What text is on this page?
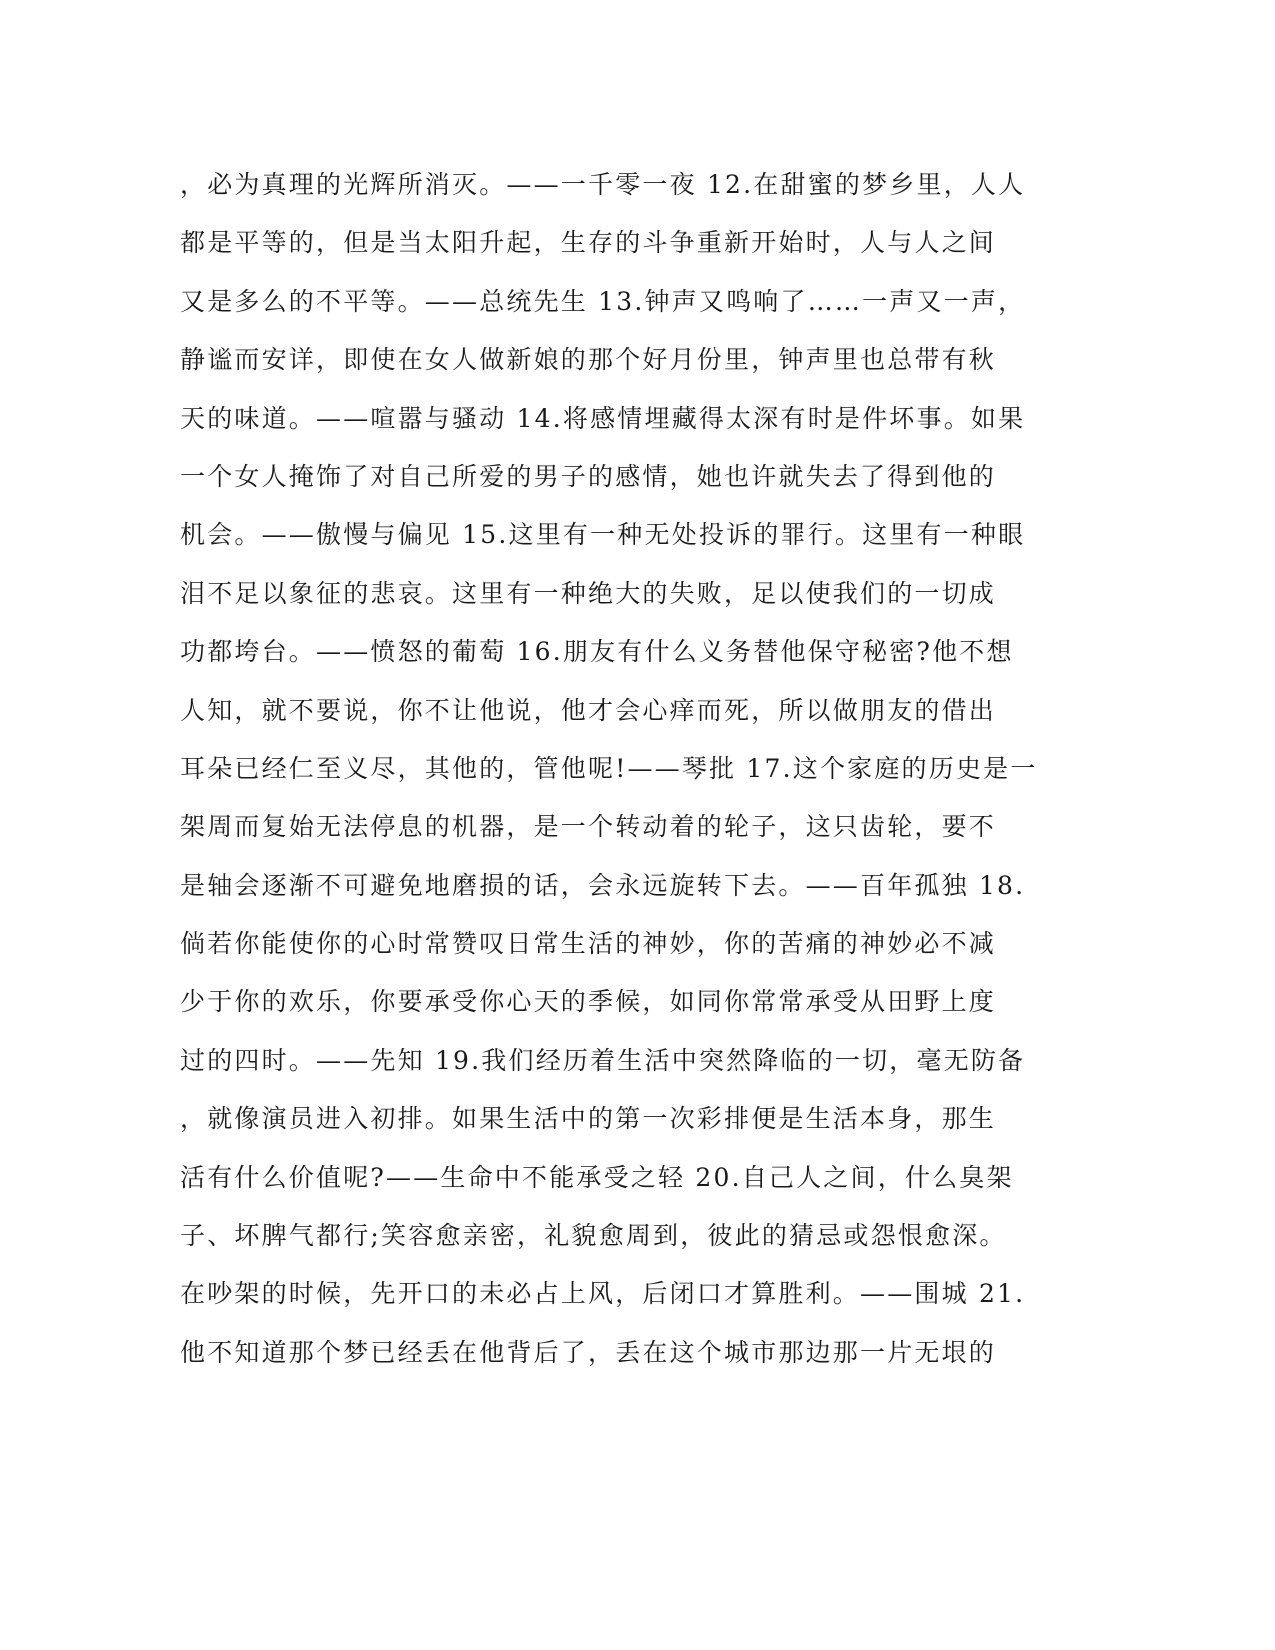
，必为真理的光辉所消灭。——一千零一夜 12.在甜蜜的梦乡里，人人
都是平等的，但是当太阳升起，生存的斗争重新开始时，人与人之间
又是多么的不平等。——总统先生 13.钟声又鸣响了……一声又一声，
静谧而安详，即使在女人做新娘的那个好月份里，钟声里也总带有秋
天的味道。——喧嚣与骚动 14.将感情埋藏得太深有时是件坏事。如果
一个女人掩饰了对自己所爱的男子的感情，她也许就失去了得到他的
机会。——傲慢与偏见 15.这里有一种无处投诉的罪行。这里有一种眼
泪不足以象征的悲哀。这里有一种绝大的失败，足以使我们的一切成
功都垮台。——愤怒的葡萄 16.朋友有什么义务替他保守秘密?他不想
人知，就不要说，你不让他说，他才会心痒而死，所以做朋友的借出
耳朵已经仁至义尽，其他的，管他呢!——琴批 17.这个家庭的历史是一
架周而复始无法停息的机器，是一个转动着的轮子，这只齿轮，要不
是轴会逐渐不可避免地磨损的话，会永远旋转下去。——百年孤独 18.
倘若你能使你的心时常赞叹日常生活的神妙，你的苦痛的神妙必不减
少于你的欢乐，你要承受你心天的季候，如同你常常承受从田野上度
过的四时。——先知 19.我们经历着生活中突然降临的一切，毫无防备
，就像演员进入初排。如果生活中的第一次彩排便是生活本身，那生
活有什么价值呢?——生命中不能承受之轻 20.自己人之间，什么臭架
子、坏脾气都行;笑容愈亲密，礼貌愈周到，彼此的猜忌或怨恨愈深。
在吵架的时候，先开口的未必占上风，后闭口才算胜利。——围城 21.
他不知道那个梦已经丢在他背后了，丢在这个城市那边那一片无垠的
